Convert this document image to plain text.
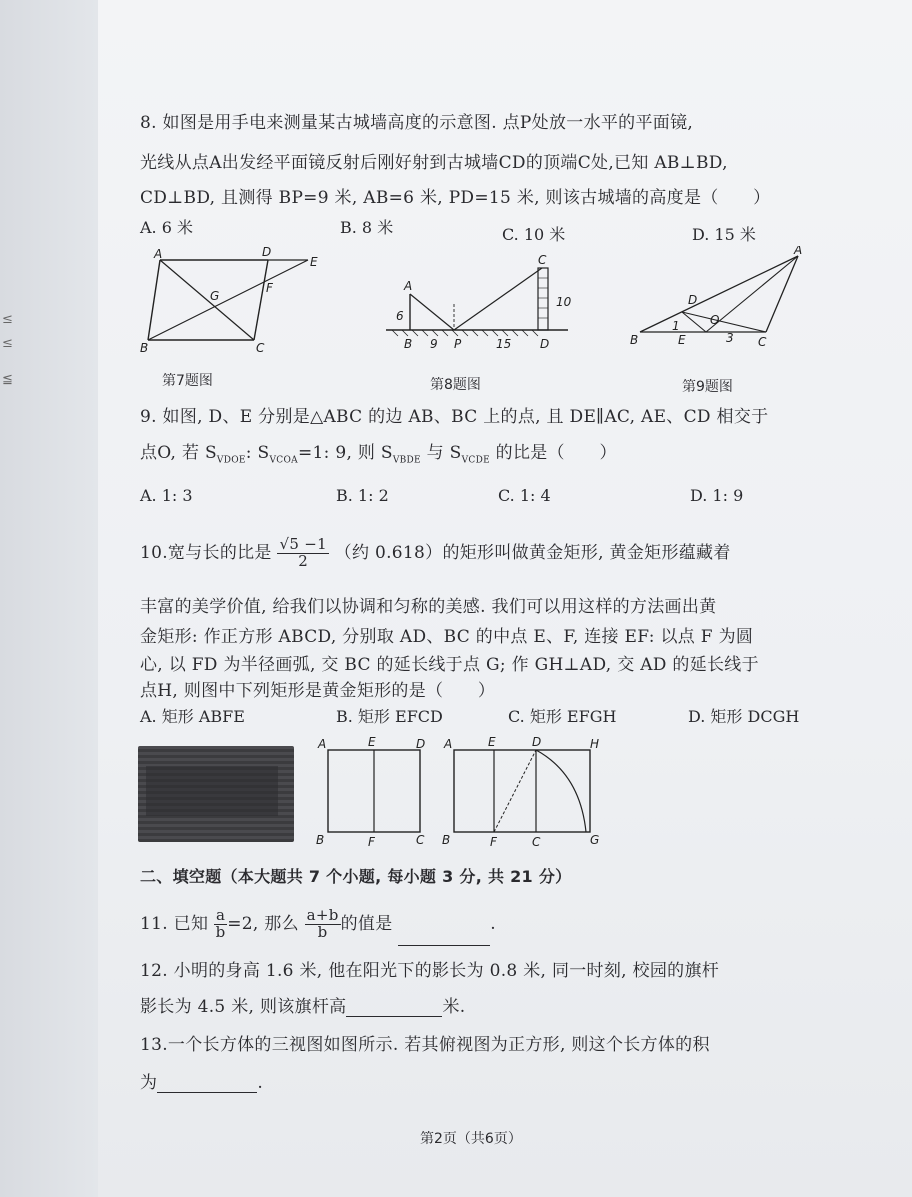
≤
≤
≦
8. 如图是用手电来测量某古城墙高度的示意图. 点P处放一水平的平面镜,
光线从点A出发经平面镜反射后刚好射到古城墙CD的顶端C处,已知 AB⊥BD,
CD⊥BD, 且测得 BP=9 米, AB=6 米, PD=15 米, 则该古城墙的高度是（　　）
A. 6 米	B. 8 米	C. 10 米	D. 15 米
A	D
E
G
F
B	C
第7题图
C
A
6
10
B 9 P	15 D
第8题图
D
A
O
B	E	C
1
3
第9题图
9. 如图, D、E 分别是△ABC 的边 AB、BC 上的点, 且 DE∥AC, AE、CD 相交于
点O, 若 $S_{VDOE}$: $S_{VCOA}=1$: 9, 则 $S_{VBDE}$ 与 $S_{VCDE}$ 的比是（　　）
A. 1: 3	B. 1: 2	C. 1: 4	D. 1: 9
10.宽与长的比是 $\frac{√5 -1}{2}$ （约 0.618）的矩形叫做黄金矩形, 黄金矩形蕴藏着
丰富的美学价值, 给我们以协调和匀称的美感. 我们可以用这样的方法画出黄
金矩形: 作正方形 ABCD, 分别取 AD、BC 的中点 E、F, 连接 EF: 以点 F 为圆
心, 以 FD 为半径画弧, 交 BC 的延长线于点 G; 作 GH⊥AD, 交 AD 的延长线于
点H, 则图中下列矩形是黄金矩形的是（　　）
A. 矩形 ABFE	B. 矩形 EFCD	C. 矩形 EFGH	D. 矩形 DCGH
A	E	D
B	F	C
A	E	D	H
B	F	C	G
二、填空题（本大题共 7 个小题, 每小题 3 分, 共 21 分）
11. 已知 $\frac{a}{b} =2$, 那么 $\frac{a+b}{b}$ 的值是	.
12. 小明的身高 1.6 米, 他在阳光下的影长为 0.8 米, 同一时刻, 校园的旗杆
影长为 4.5 米, 则该旗杆高	米.
13.一个长方体的三视图如图所示. 若其俯视图为正方形, 则这个长方体的积
为	.
第2页（共6页）
